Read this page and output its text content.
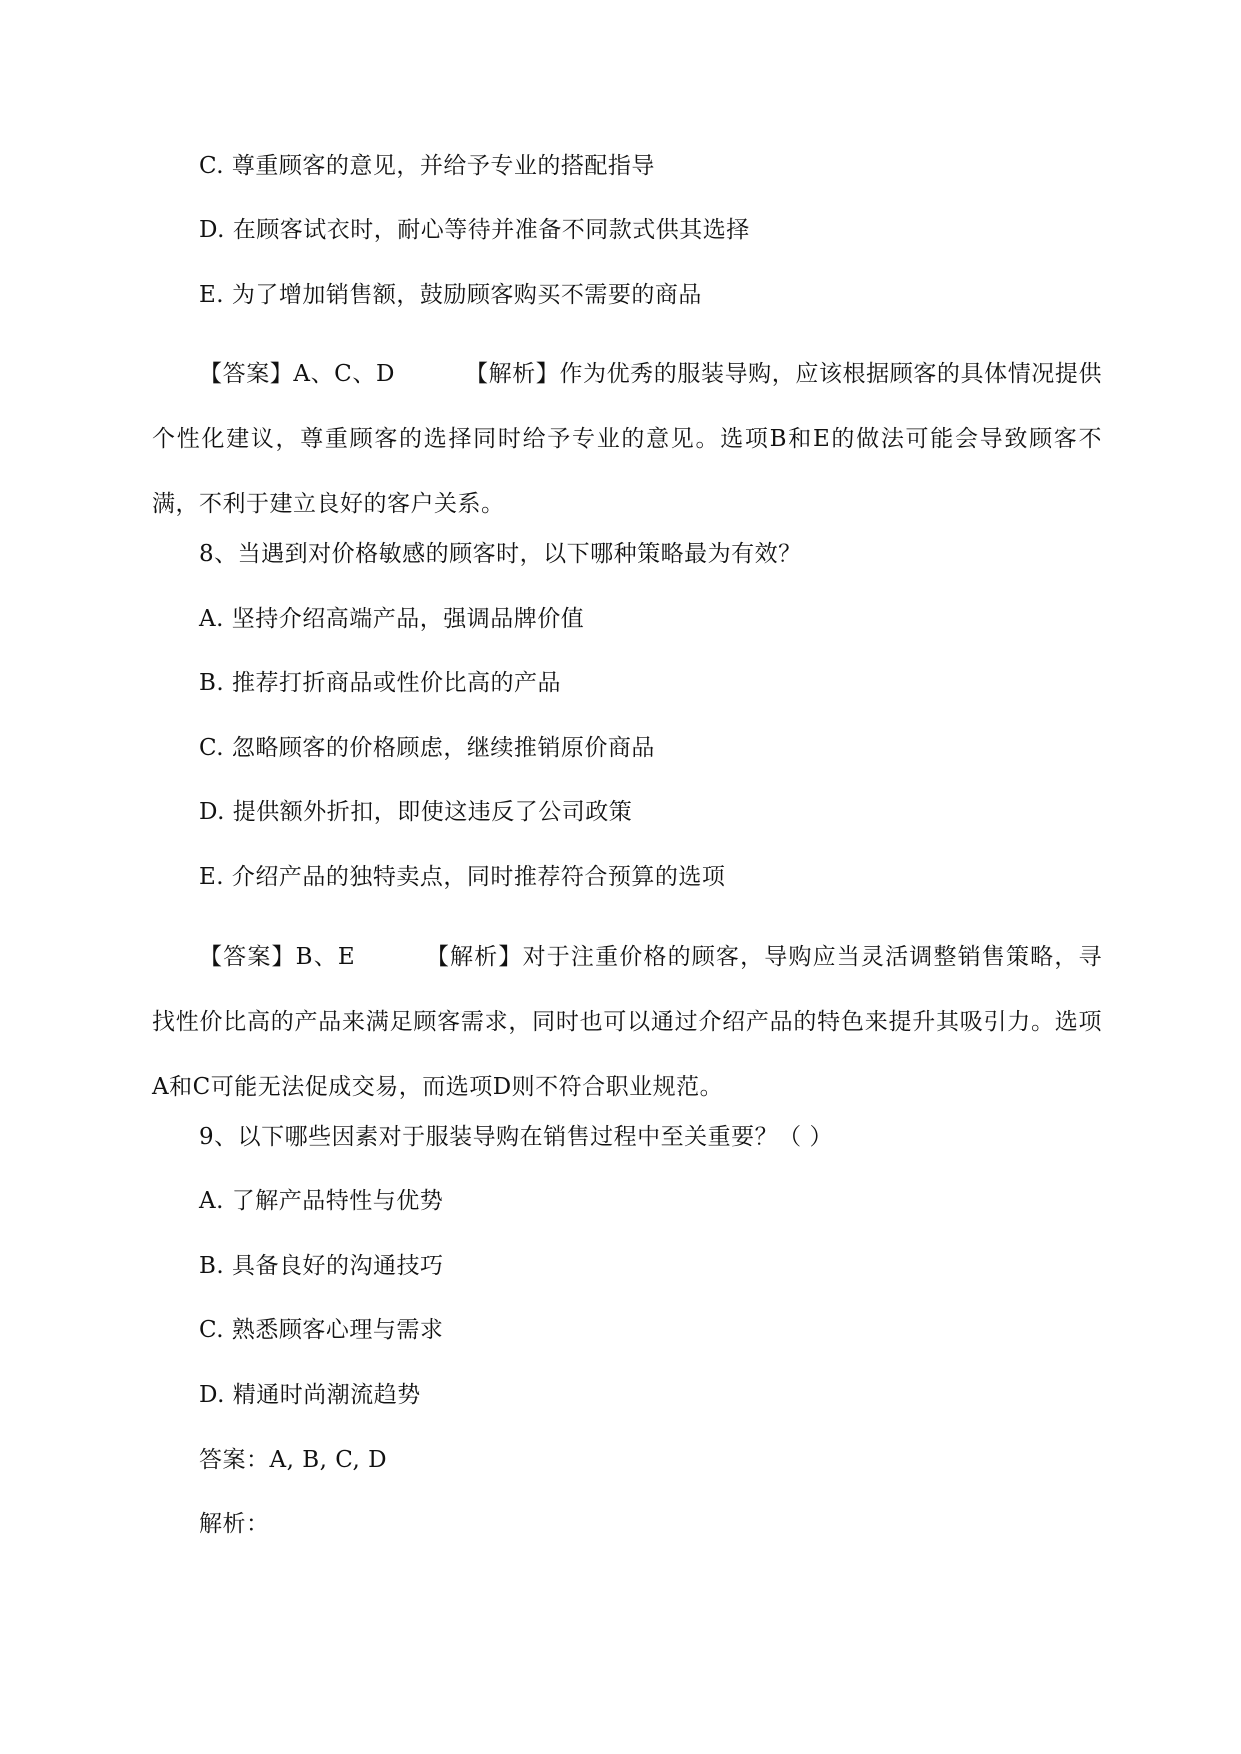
C. 尊重顾客的意见，并给予专业的搭配指导
D. 在顾客试衣时，耐心等待并准备不同款式供其选择
E. 为了增加销售额，鼓励顾客购买不需要的商品
【答案】A、C、D	【解析】作为优秀的服装导购，应该根据顾客的具体情况提供个性化建议，尊重顾客的选择同时给予专业的意见。选项B和E的做法可能会导致顾客不满，不利于建立良好的客户关系。
8、当遇到对价格敏感的顾客时，以下哪种策略最为有效？
A. 坚持介绍高端产品，强调品牌价值
B. 推荐打折商品或性价比高的产品
C. 忽略顾客的价格顾虑，继续推销原价商品
D. 提供额外折扣，即使这违反了公司政策
E. 介绍产品的独特卖点，同时推荐符合预算的选项
【答案】B、E	【解析】对于注重价格的顾客，导购应当灵活调整销售策略，寻找性价比高的产品来满足顾客需求，同时也可以通过介绍产品的特色来提升其吸引力。选项A和C可能无法促成交易，而选项D则不符合职业规范。
9、以下哪些因素对于服装导购在销售过程中至关重要？（ ）
A. 了解产品特性与优势
B. 具备良好的沟通技巧
C. 熟悉顾客心理与需求
D. 精通时尚潮流趋势
答案：A, B, C, D
解析：
